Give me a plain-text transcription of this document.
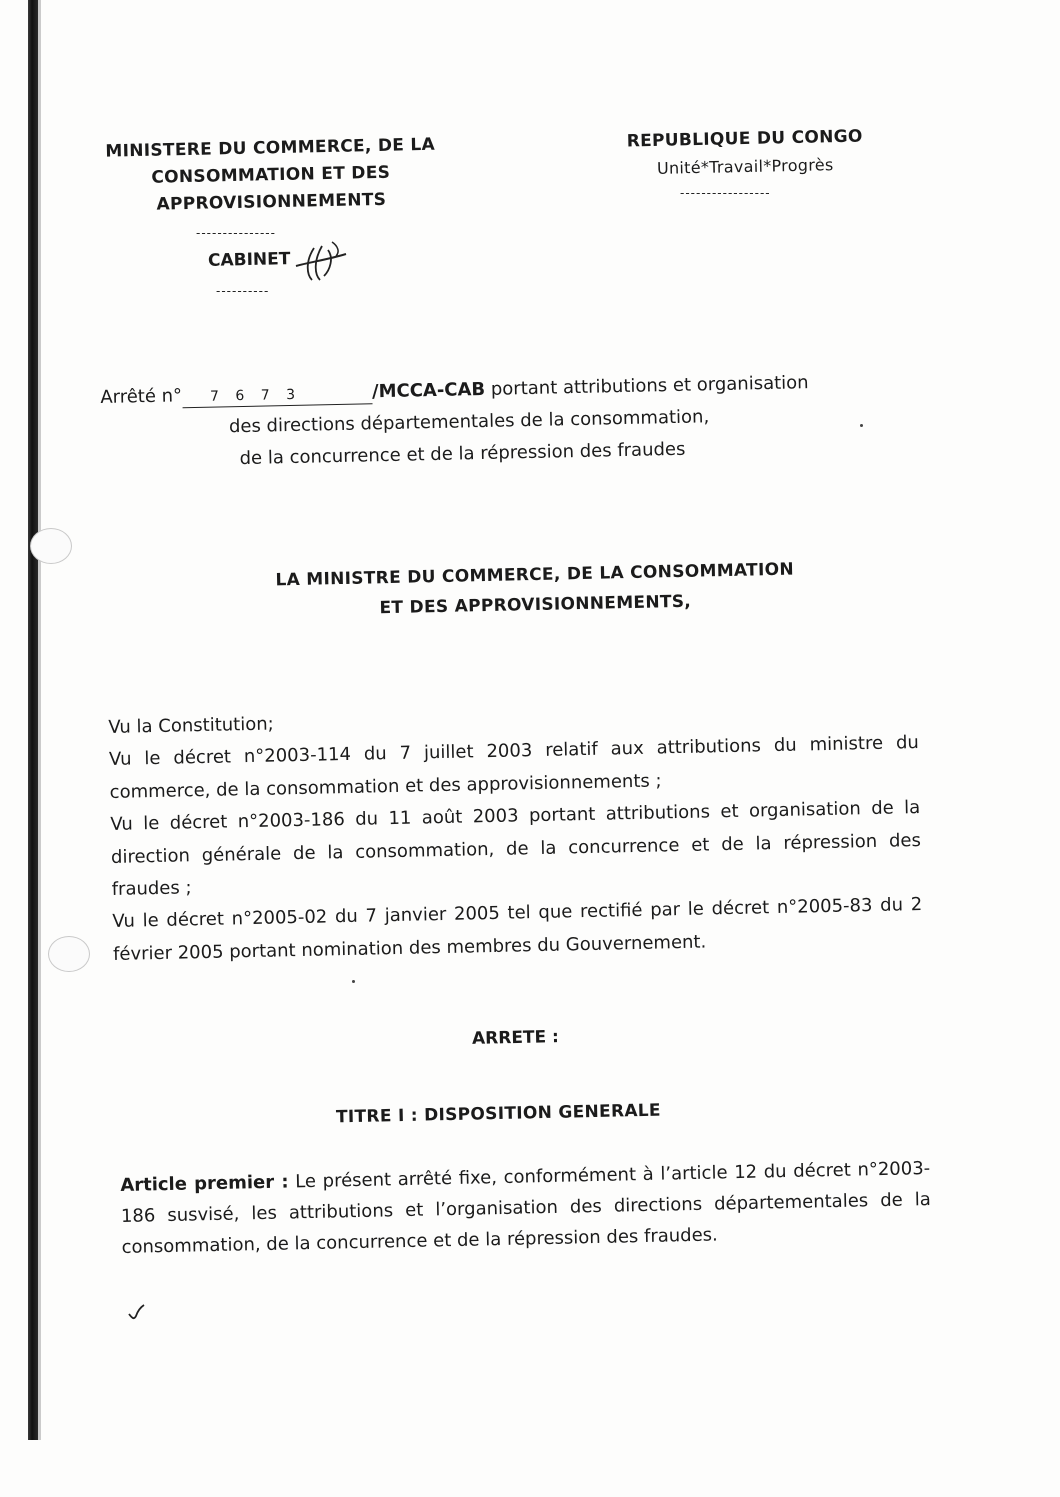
MINISTERE DU COMMERCE, DE LA
CONSOMMATION ET DES
APPROVISIONNEMENTS
---------------
CABINET
----------
REPUBLIQUE DU CONGO
Unité*Travail*Progrès
-----------------
Arrêté n° 7 6 7 3	/MCCA-CAB portant attributions et organisation
des directions départementales de la consommation,
de la concurrence et de la répression des fraudes
LA MINISTRE DU COMMERCE, DE LA CONSOMMATION
ET DES APPROVISIONNEMENTS,

Vu la Constitution;

Vu le décret n°2003-114 du 7 juillet 2003 relatif aux attributions du ministre du commerce, de la consommation et des approvisionnements ;

Vu le décret n°2003-186 du 11 août 2003 portant attributions et organisation de la direction générale de la consommation, de la concurrence et de la répression des fraudes ;

Vu le décret n°2005-02 du 7 janvier 2005 tel que rectifié par le décret n°2005-83 du 2 février 2005 portant nomination des membres du Gouvernement.

ARRETE :
TITRE I : DISPOSITION GENERALE
Article premier : Le présent arrêté fixe, conformément à l’article 12 du décret n°2003-186 susvisé, les attributions et l’organisation des directions départementales de la consommation, de la concurrence et de la répression des fraudes.
